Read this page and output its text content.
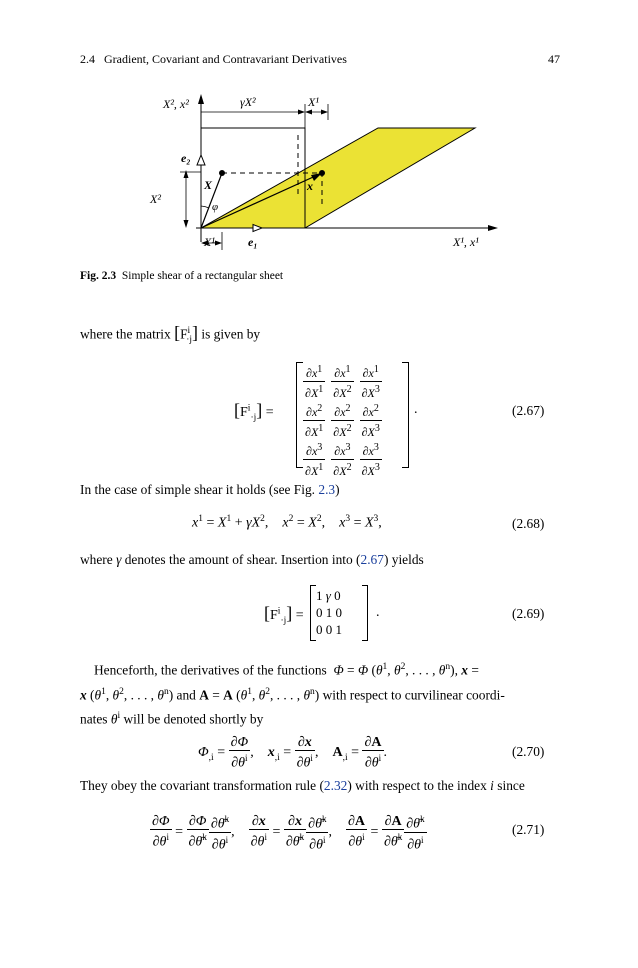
2.4 Gradient, Covariant and Contravariant Derivatives	47
X², x²	γX²	X¹
e₂
X	x
φ
X²
X¹	e₁	X¹, x¹
Fig. 2.3 Simple shear of a rectangular sheet
where the matrix $[F^i_{\cdot j}]$ is given by
$[F^i_{\cdot j}]$ =
$\frac{\partial x^1}{\partial X^1}$	$\frac{\partial x^1}{\partial X^2}$	$\frac{\partial x^1}{\partial X^3}$

$\frac{\partial x^2}{\partial X^1}$	$\frac{\partial x^2}{\partial X^2}$	$\frac{\partial x^2}{\partial X^3}$

$\frac{\partial x^3}{\partial X^1}$	$\frac{\partial x^3}{\partial X^2}$	$\frac{\partial x^3}{\partial X^3}$
.	(2.67)
In the case of simple shear it holds (see Fig. 2.3)
$x^1 = X^1 + \gamma X^2$,    $x^2 = X^2$,    $x^3 = X^3$,	(2.68)
where γ denotes the amount of shear. Insertion into (2.67) yields
$[F^i_{\cdot j}]$ =
1 γ 0
0 1 0
0 0 1
.	(2.69)
Henceforth, the derivatives of the functions Φ = Φ ($\theta^1$, $\theta^2$, . . . , $\theta^n$), x =
x ($\theta^1$, $\theta^2$, . . . , $\theta^n$) and A = A ($\theta^1$, $\theta^2$, . . . , $\theta^n$) with respect to curvilinear coordi-
nates $\theta^i$ will be denoted shortly by
$\Phi_{,i} = \frac{\partial\Phi}{\partial\theta^i}$ ,    $x_{,i} = \frac{\partial x}{\partial\theta^i}$ ,    $A_{,i} = \frac{\partial A}{\partial\theta^i}$ .	(2.70)
They obey the covariant transformation rule (2.32) with respect to the index i since
$\frac{\partial\Phi}{\partial\theta^i} = \frac{\partial\Phi}{\partial\thetā^k} \frac{\partial\thetā^k}{\partial\theta^i}$ , $\frac{\partial x}{\partial\theta^i} = \frac{\partial x}{\partial\thetā^k} \frac{\partial\thetā^k}{\partial\theta^i}$ , $\frac{\partial A}{\partial\theta^i} = \frac{\partial A}{\partial\thetā^k} \frac{\partial\thetā^k}{\partial\theta^i}$	(2.71)
